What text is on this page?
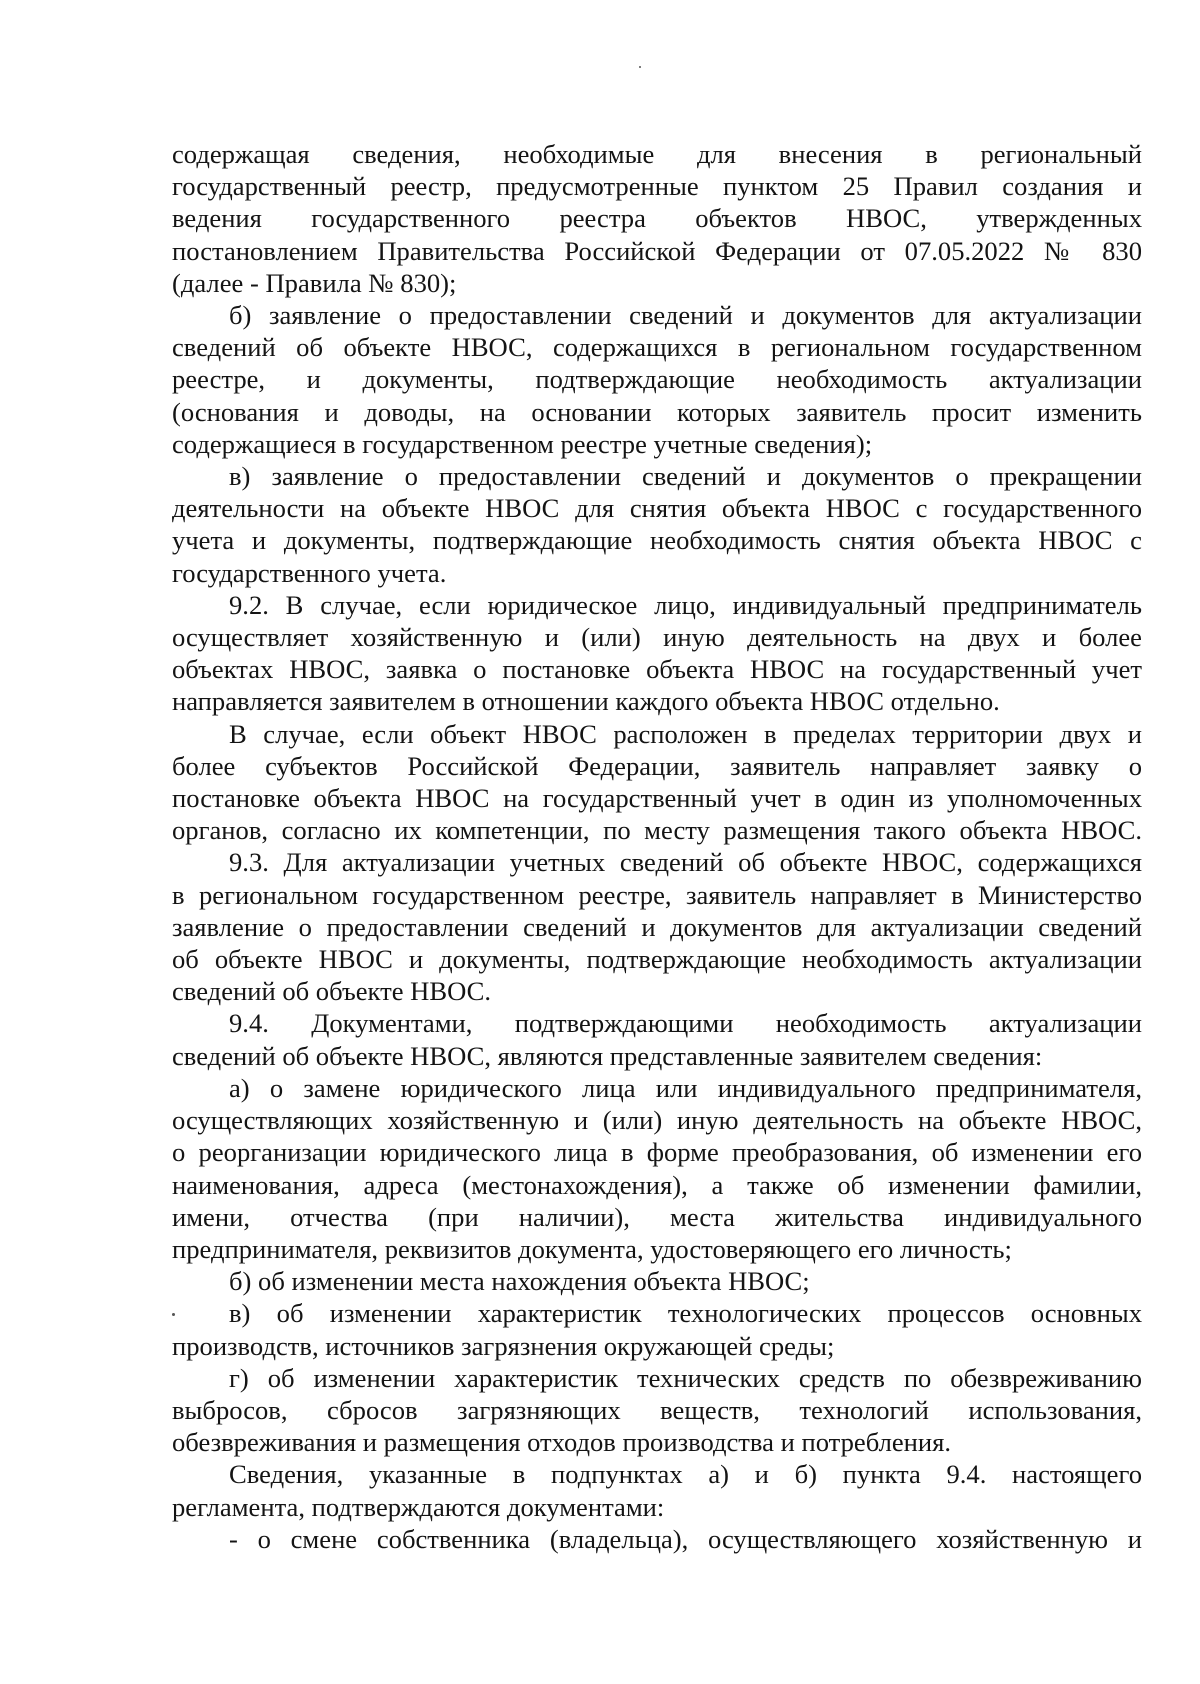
содержащая сведения, необходимые для внесения в региональный
государственный реестр, предусмотренные пунктом 25 Правил создания и
ведения государственного реестра объектов НВОС, утвержденных
постановлением Правительства Российской Федерации от 07.05.2022 № 830
(далее - Правила № 830);
б) заявление о предоставлении сведений и документов для актуализации
сведений об объекте НВОС, содержащихся в региональном государственном
реестре, и документы, подтверждающие необходимость актуализации
(основания и доводы, на основании которых заявитель просит изменить
содержащиеся в государственном реестре учетные сведения);
в) заявление о предоставлении сведений и документов о прекращении
деятельности на объекте НВОС для снятия объекта НВОС с государственного
учета и документы, подтверждающие необходимость снятия объекта НВОС с
государственного учета.
9.2. В случае, если юридическое лицо, индивидуальный предприниматель
осуществляет хозяйственную и (или) иную деятельность на двух и более
объектах НВОС, заявка о постановке объекта НВОС на государственный учет
направляется заявителем в отношении каждого объекта НВОС отдельно.
В случае, если объект НВОС расположен в пределах территории двух и
более субъектов Российской Федерации, заявитель направляет заявку о
постановке объекта НВОС на государственный учет в один из уполномоченных
органов, согласно их компетенции, по месту размещения такого объекта НВОС.
9.3. Для актуализации учетных сведений об объекте НВОС, содержащихся
в региональном государственном реестре, заявитель направляет в Министерство
заявление о предоставлении сведений и документов для актуализации сведений
об объекте НВОС и документы, подтверждающие необходимость актуализации
сведений об объекте НВОС.
9.4. Документами, подтверждающими необходимость актуализации
сведений об объекте НВОС, являются представленные заявителем сведения:
а) о замене юридического лица или индивидуального предпринимателя,
осуществляющих хозяйственную и (или) иную деятельность на объекте НВОС,
о реорганизации юридического лица в форме преобразования, об изменении его
наименования, адреса (местонахождения), а также об изменении фамилии,
имени, отчества (при наличии), места жительства индивидуального
предпринимателя, реквизитов документа, удостоверяющего его личность;
б) об изменении места нахождения объекта НВОС;
в) об изменении характеристик технологических процессов основных
производств, источников загрязнения окружающей среды;
г) об изменении характеристик технических средств по обезвреживанию
выбросов, сбросов загрязняющих веществ, технологий использования,
обезвреживания и размещения отходов производства и потребления.
Сведения, указанные в подпунктах а) и б) пункта 9.4. настоящего
регламента, подтверждаются документами:
- о смене собственника (владельца), осуществляющего хозяйственную и
